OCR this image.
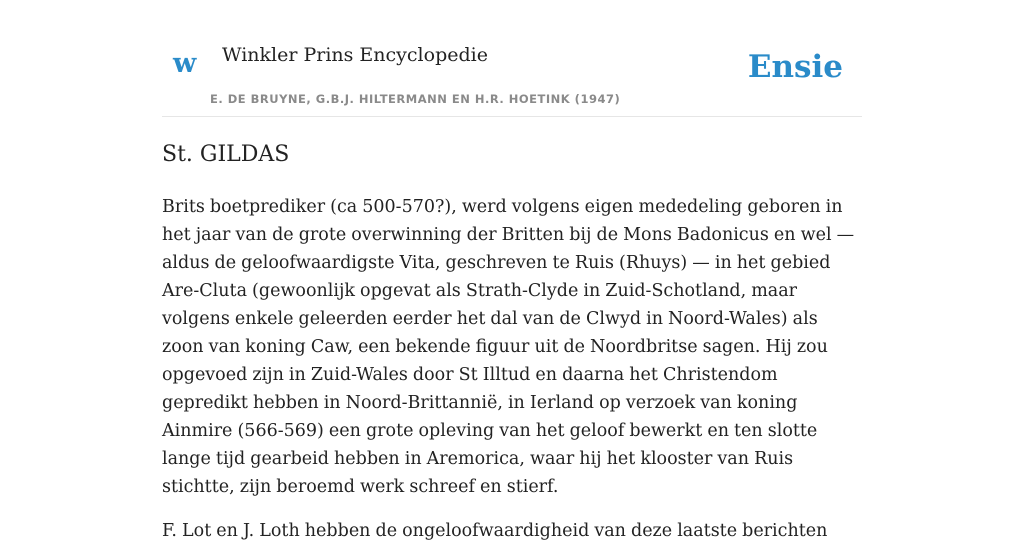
w Winkler Prins Encyclopedie
E. DE BRUYNE, G.B.J. HILTERMANN EN H.R. HOETINK (1947)
Ensie
St. GILDAS

Brits boetprediker (ca 500-570?), werd volgens eigen mededeling geboren in het jaar van de grote overwinning der Britten bij de Mons Badonicus en wel — aldus de geloofwaardigste Vita, geschreven te Ruis (Rhuys) — in het gebied Are-Cluta (gewoonlijk opgevat als Strath-Clyde in Zuid-Schotland, maar volgens enkele geleerden eerder het dal van de Clwyd in Noord-Wales) als zoon van koning Caw, een bekende figuur uit de Noordbritse sagen. Hij zou opgevoed zijn in Zuid-Wales door St Illtud en daarna het Christendom gepredikt hebben in Noord-Brittannië, in Ierland op verzoek van koning Ainmire (566-569) een grote opleving van het geloof bewerkt en ten slotte lange tijd gearbeid hebben in Aremorica, waar hij het klooster van Ruis stichtte, zijn beroemd werk schreef en stierf.

F. Lot en J. Loth hebben de ongeloofwaardigheid van deze laatste berichten
